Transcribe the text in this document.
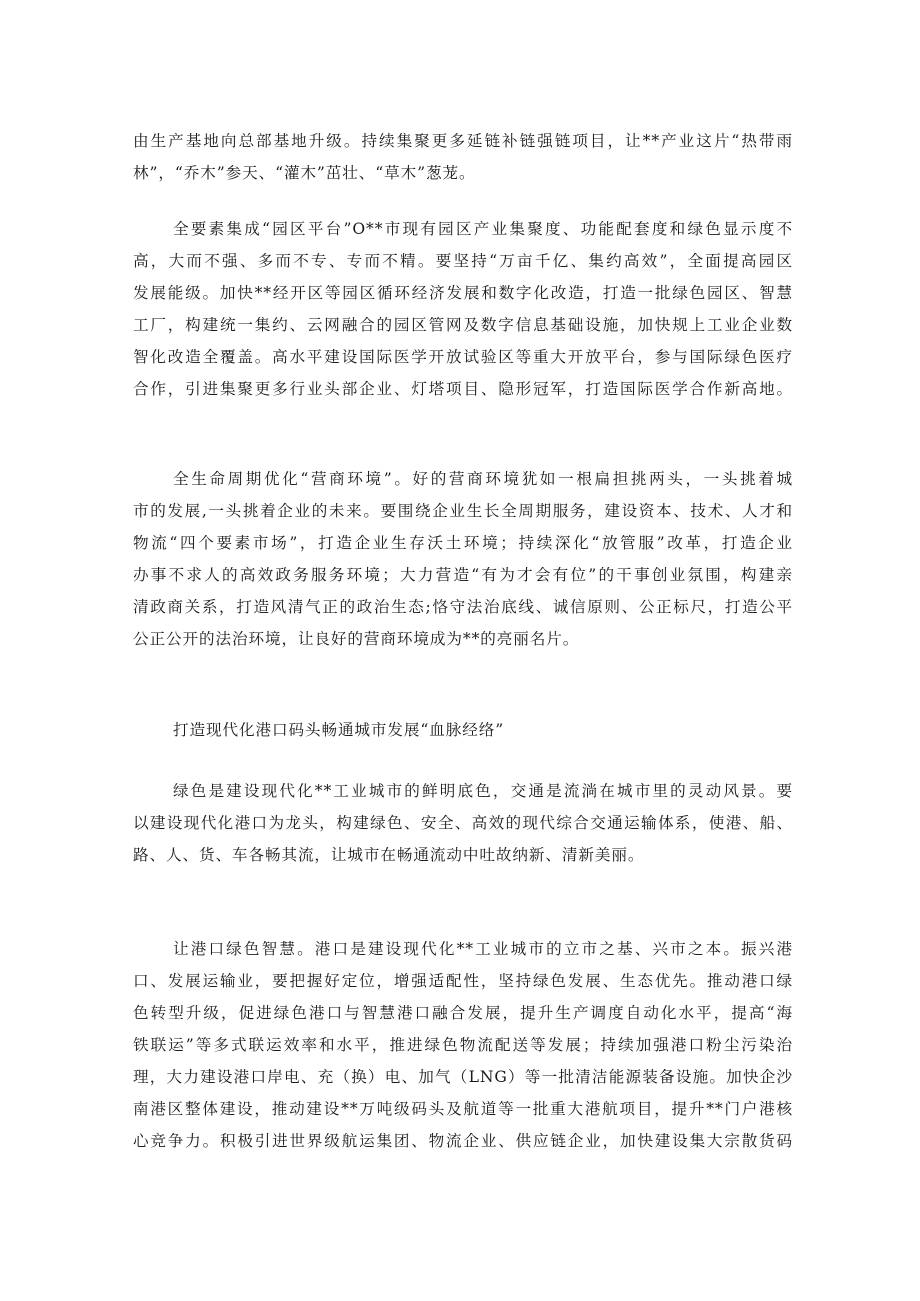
由生产基地向总部基地升级。持续集聚更多延链补链强链项目，让**产业这片“热带雨
林”，“乔木”参天、“灌木”茁壮、“草木”葱茏。
全要素集成“园区平台”O**市现有园区产业集聚度、功能配套度和绿色显示度不
高，大而不强、多而不专、专而不精。要坚持“万亩千亿、集约高效”，全面提高园区
发展能级。加快**经开区等园区循环经济发展和数字化改造，打造一批绿色园区、智慧
工厂，构建统一集约、云网融合的园区管网及数字信息基础设施，加快规上工业企业数
智化改造全覆盖。高水平建设国际医学开放试验区等重大开放平台，参与国际绿色医疗
合作，引进集聚更多行业头部企业、灯塔项目、隐形冠军，打造国际医学合作新高地。
全生命周期优化“营商环境”。好的营商环境犹如一根扁担挑两头，一头挑着城
市的发展,一头挑着企业的未来。要围绕企业生长全周期服务，建设资本、技术、人才和
物流“四个要素市场”，打造企业生存沃土环境；持续深化“放管服”改革，打造企业
办事不求人的高效政务服务环境；大力营造“有为才会有位”的干事创业氛围，构建亲
清政商关系，打造风清气正的政治生态;恪守法治底线、诚信原则、公正标尺，打造公平
公正公开的法治环境，让良好的营商环境成为**的亮丽名片。
打造现代化港口码头畅通城市发展“血脉经络”
绿色是建设现代化**工业城市的鲜明底色，交通是流淌在城市里的灵动风景。要
以建设现代化港口为龙头，构建绿色、安全、高效的现代综合交通运输体系，使港、船、
路、人、货、车各畅其流，让城市在畅通流动中吐故纳新、清新美丽。
让港口绿色智慧。港口是建设现代化**工业城市的立市之基、兴市之本。振兴港
口、发展运输业，要把握好定位，增强适配性，坚持绿色发展、生态优先。推动港口绿
色转型升级，促进绿色港口与智慧港口融合发展，提升生产调度自动化水平，提高“海
铁联运”等多式联运效率和水平，推进绿色物流配送等发展；持续加强港口粉尘污染治
理，大力建设港口岸电、充（换）电、加气（LNG）等一批清洁能源装备设施。加快企沙
南港区整体建设，推动建设**万吨级码头及航道等一批重大港航项目，提升**门户港核
心竞争力。积极引进世界级航运集团、物流企业、供应链企业，加快建设集大宗散货码
